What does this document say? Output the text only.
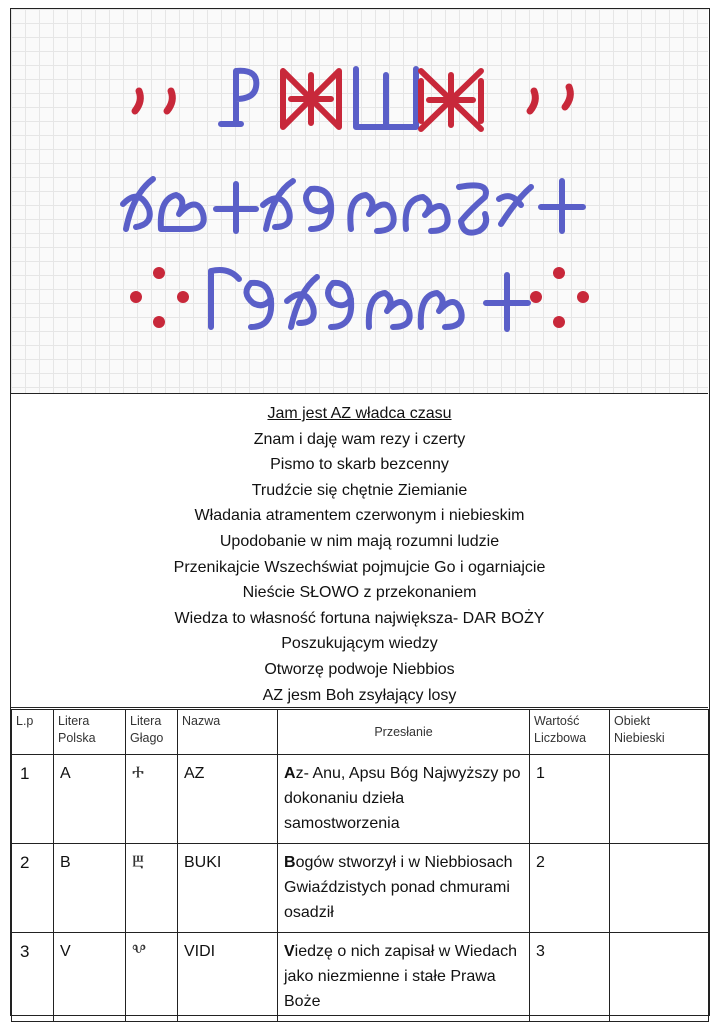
Jam jest AZ władca czasu
Znam i daję wam rezy i czerty
Pismo to skarb bezcenny
Trudźcie się chętnie Ziemianie
Władania atramentem czerwonym i niebieskim
Upodobanie w nim mają rozumni ludzie
Przenikajcie Wszechświat pojmujcie Go i ogarniajcie
Nieście SŁOWO z przekonaniem
Wiedza to własność fortuna największa- DAR BOŻY
Poszukującym wiedzy
Otworzę podwoje Niebbios
AZ jesm Boh zsyłający losy
L.p	Litera Polska	Litera Głago	Nazwa	Przesłanie	Wartość Liczbowa	Obiekt Niebieski
1	A	ⰰ	AZ	Az- Anu, Apsu Bóg Najwyższy po dokonaniu dzieła samostworzenia	1	
2	B	ⰱ	BUKI	Bogów stworzył i w Niebbiosach Gwiaździstych ponad chmurami osadził	2	
3	V	ⰲ	VIDI	Viedzę o nich zapisał w Wiedach jako niezmienne i stałe Prawa Boże	3	
